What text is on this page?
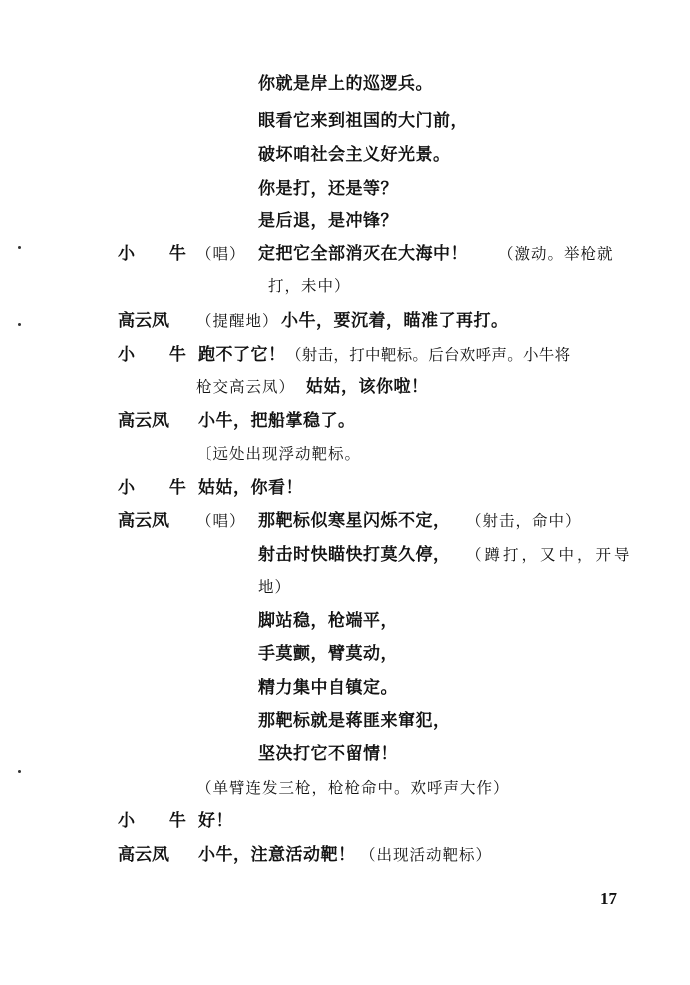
你就是岸上的巡逻兵。
眼看它来到祖国的大门前，
破坏咱社会主义好光景。
你是打，还是等？
是后退，是冲锋？
小 牛
（唱） 定把它全部消灭在大海中！ （激动。举枪就
打，未中）
高云凤 （提醒地） 小牛，要沉着，瞄准了再打。
小 牛
跑不了它！ （射击，打中靶标。后台欢呼声。小牛将
枪交高云凤） 姑姑，该你啦！
高云凤 小牛，把船掌稳了。
〔远处出现浮动靶标。
小 牛
姑姑，你看！
高云凤 （唱） 那靶标似寒星闪烁不定， （射击，命中）
射击时快瞄快打莫久停， （蹲打，又中，开导
地）
脚站稳，枪端平，
手莫颤，臂莫动，
精力集中自镇定。
那靶标就是蒋匪来窜犯，
坚决打它不留情！
（单臂连发三枪，枪枪命中。欢呼声大作）
小 牛
好！
高云凤 小牛，注意活动靶！ （出现活动靶标）
17
